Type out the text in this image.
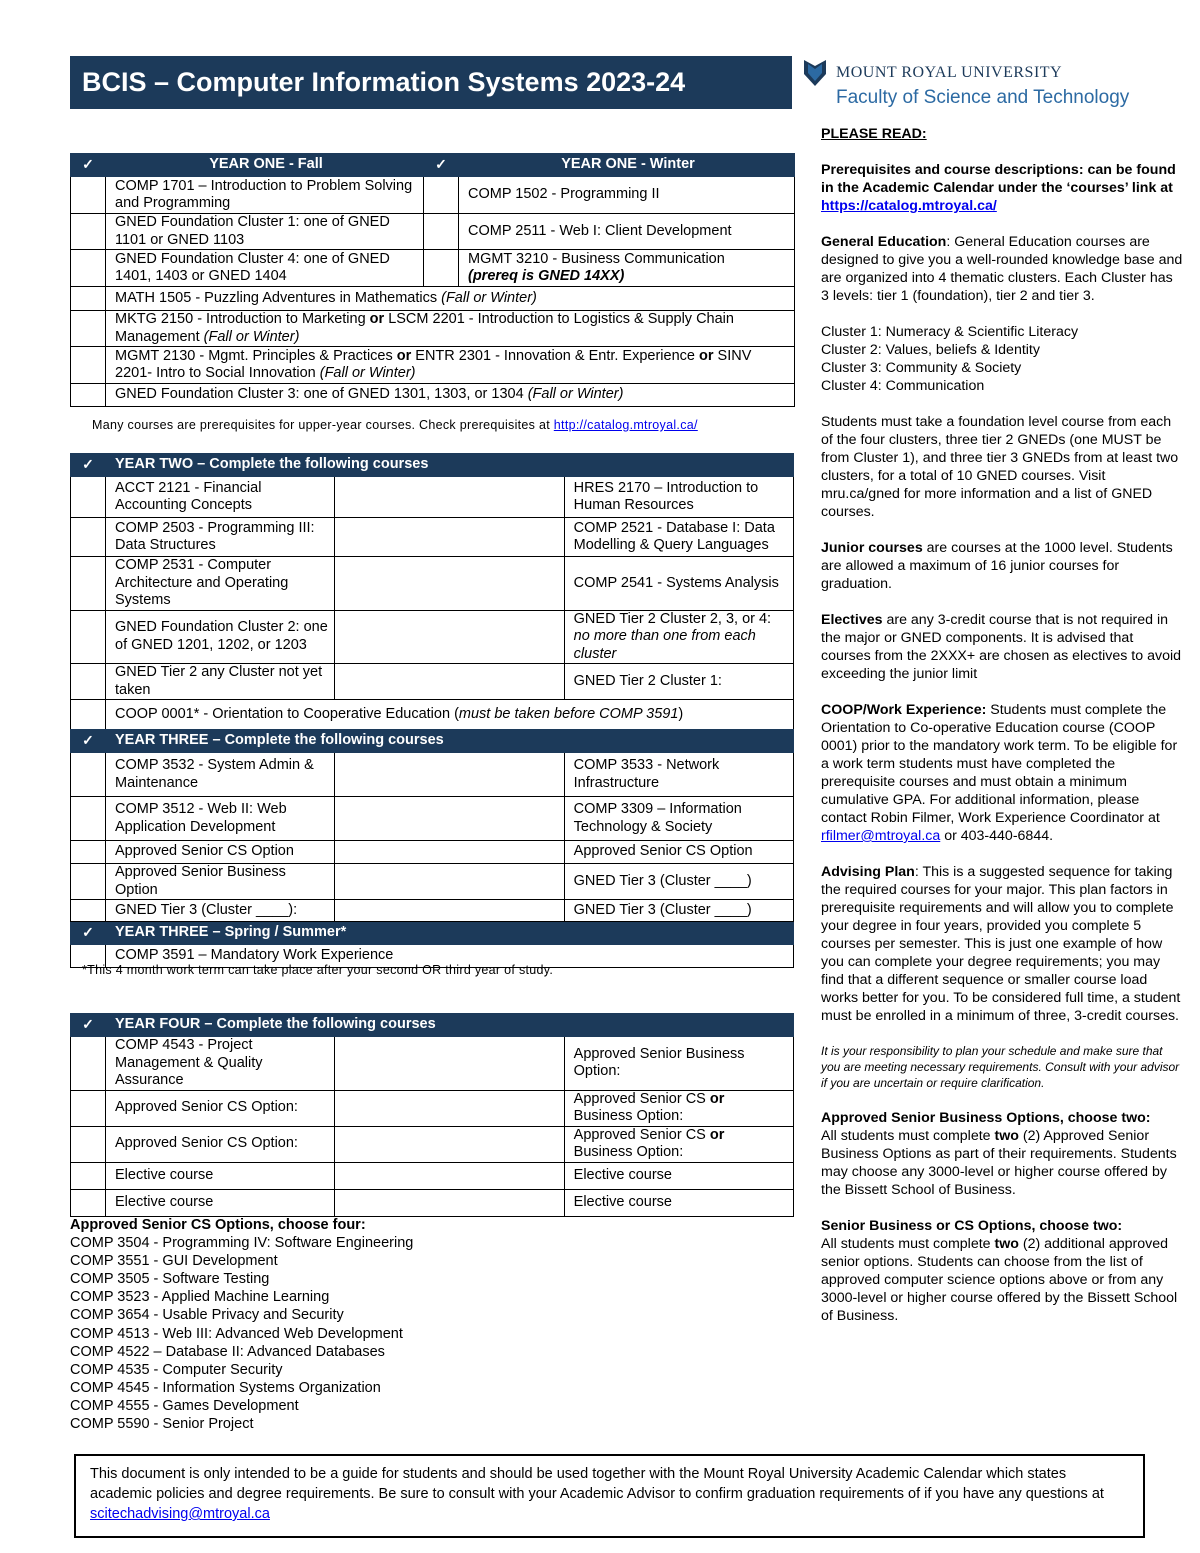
BCIS – Computer Information Systems 2023-24	MOUNT ROYAL UNIVERSITY
Faculty of Science and Technology
✓	YEAR ONE - Fall	✓	YEAR ONE - Winter
	COMP 1701 – Introduction to Problem Solving and Programming		COMP 1502 - Programming II
	GNED Foundation Cluster 1: one of GNED 1101 or GNED 1103		COMP 2511 - Web I: Client Development
	GNED Foundation Cluster 4: one of GNED 1401, 1403 or GNED 1404		MGMT 3210 - Business Communication
(prereq is GNED 14XX)
	MATH 1505 - Puzzling Adventures in Mathematics (Fall or Winter)		
	MKTG 2150 - Introduction to Marketing or LSCM 2201 - Introduction to Logistics & Supply Chain Management (Fall or Winter)		
	MGMT 2130 - Mgmt. Principles & Practices or ENTR 2301 - Innovation & Entr. Experience or SINV 2201- Intro to Social Innovation (Fall or Winter)		
	GNED Foundation Cluster 3: one of GNED 1301, 1303, or 1304 (Fall or Winter)		
Many courses are prerequisites for upper-year courses. Check prerequisites at http://catalog.mtroyal.ca/
✓	YEAR TWO – Complete the following courses		
	ACCT 2121 - Financial Accounting Concepts		HRES 2170 – Introduction to Human Resources
	COMP 2503 - Programming III: Data Structures		COMP 2521 - Database I: Data Modelling & Query Languages
	COMP 2531 - Computer Architecture and Operating Systems		COMP 2541 - Systems Analysis
	GNED Foundation Cluster 2: one of GNED 1201, 1202, or 1203		GNED Tier 2 Cluster 2, 3, or 4: no more than one from each cluster
	GNED Tier 2 any Cluster not yet taken		GNED Tier 2 Cluster 1:
	COOP 0001* - Orientation to Cooperative Education (must be taken before COMP 3591)		
✓	YEAR THREE – Complete the following courses		
	COMP 3532 - System Admin & Maintenance		COMP 3533 - Network Infrastructure
	COMP 3512 - Web II: Web Application Development		COMP 3309 – Information Technology & Society
	Approved Senior CS Option		Approved Senior CS Option
	Approved Senior Business Option		GNED Tier 3 (Cluster ____)
	GNED Tier 3 (Cluster ____):		GNED Tier 3 (Cluster ____)
✓	YEAR THREE – Spring / Summer*		
	COMP 3591 – Mandatory Work Experience		
*This 4 month work term can take place after your second OR third year of study.
✓	YEAR FOUR – Complete the following courses		
	COMP 4543 - Project Management & Quality Assurance		Approved Senior Business Option:
	Approved Senior CS Option:		Approved Senior CS or Business Option:
	Approved Senior CS Option:		Approved Senior CS or Business Option:
	Elective course		Elective course
	Elective course		Elective course
Approved Senior CS Options, choose four:
COMP 3504 - Programming IV: Software Engineering
COMP 3551 - GUI Development
COMP 3505 - Software Testing
COMP 3523 - Applied Machine Learning
COMP 3654 - Usable Privacy and Security
COMP 4513 - Web III: Advanced Web Development
COMP 4522 – Database II: Advanced Databases
COMP 4535 - Computer Security
COMP 4545 - Information Systems Organization
COMP 4555 - Games Development
COMP 5590 - Senior Project

PLEASE READ:

Prerequisites and course descriptions: can be found in the Academic Calendar under the ‘courses’ link at https://catalog.mtroyal.ca/

General Education: General Education courses are designed to give you a well-rounded knowledge base and are organized into 4 thematic clusters. Each Cluster has 3 levels: tier 1 (foundation), tier 2 and tier 3.

Cluster 1: Numeracy & Scientific Literacy
Cluster 2: Values, beliefs & Identity
Cluster 3: Community & Society
Cluster 4: Communication

Students must take a foundation level course from each of the four clusters, three tier 2 GNEDs (one MUST be from Cluster 1), and three tier 3 GNEDs from at least two clusters, for a total of 10 GNED courses. Visit mru.ca/gned for more information and a list of GNED courses.

Junior courses are courses at the 1000 level. Students are allowed a maximum of 16 junior courses for graduation.

Electives are any 3-credit course that is not required in the major or GNED components. It is advised that courses from the 2XXX+ are chosen as electives to avoid exceeding the junior limit

COOP/Work Experience: Students must complete the Orientation to Co-operative Education course (COOP 0001) prior to the mandatory work term. To be eligible for a work term students must have completed the prerequisite courses and must obtain a minimum cumulative GPA. For additional information, please contact Robin Filmer, Work Experience Coordinator at rfilmer@mtroyal.ca or 403-440-6844.

Advising Plan: This is a suggested sequence for taking the required courses for your major. This plan factors in prerequisite requirements and will allow you to complete your degree in four years, provided you complete 5 courses per semester. This is just one example of how you can complete your degree requirements; you may find that a different sequence or smaller course load works better for you. To be considered full time, a student must be enrolled in a minimum of three, 3-credit courses.

It is your responsibility to plan your schedule and make sure that you are meeting necessary requirements. Consult with your advisor if you are uncertain or require clarification.

Approved Senior Business Options, choose two:
All students must complete two (2) Approved Senior Business Options as part of their requirements. Students may choose any 3000-level or higher course offered by the Bissett School of Business.

Senior Business or CS Options, choose two:
All students must complete two (2) additional approved senior options. Students can choose from the list of approved computer science options above or from any 3000-level or higher course offered by the Bissett School of Business.

This document is only intended to be a guide for students and should be used together with the Mount Royal University Academic Calendar which states academic policies and degree requirements. Be sure to consult with your Academic Advisor to confirm graduation requirements of if you have any questions at scitechadvising@mtroyal.ca
